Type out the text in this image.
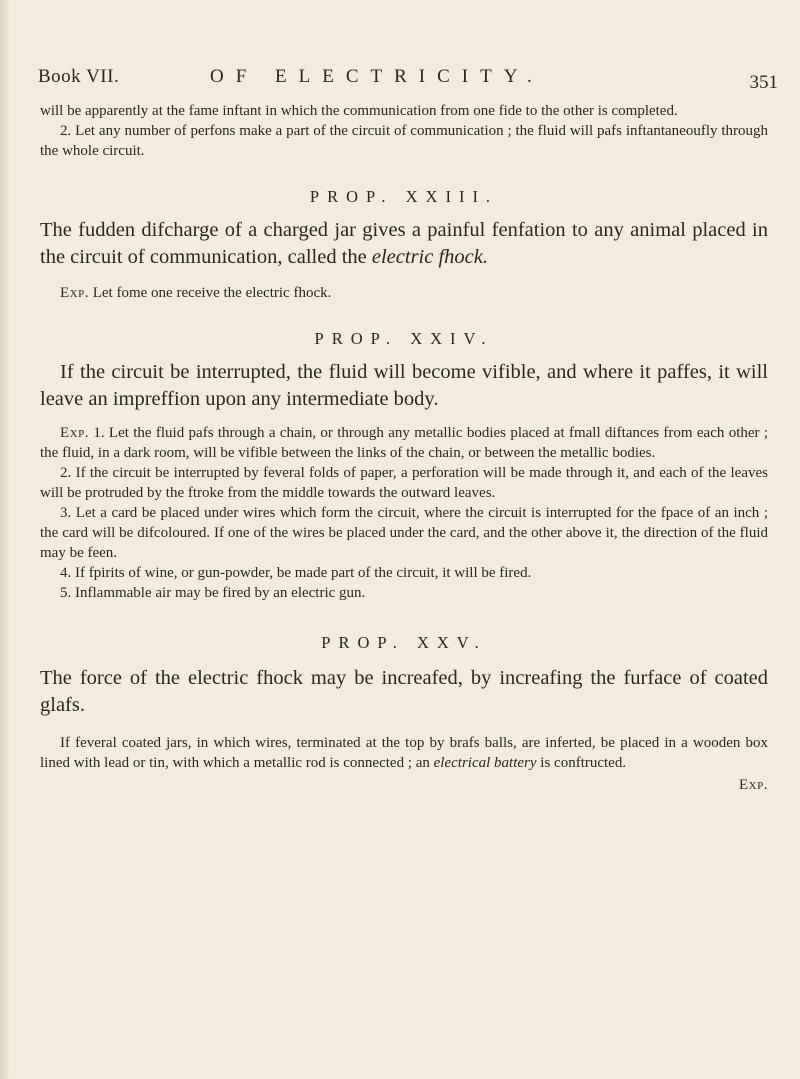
Book VII.	OF ELECTRICITY.	351

will be apparently at the fame inftant in which the communication from one fide to the other is completed.

2. Let any number of perfons make a part of the circuit of communication ; the fluid will pafs inftantaneoufly through the whole circuit.

PROP. XXIII.

The fudden difcharge of a charged jar gives a painful fenfation to any animal placed in the circuit of communication, called the electric fhock.

Exp. Let fome one receive the electric fhock.

PROP. XXIV.

If the circuit be interrupted, the fluid will become vifible, and where it paffes, it will leave an impreffion upon any intermediate body.

Exp. 1. Let the fluid pafs through a chain, or through any metallic bodies placed at fmall diftances from each other ; the fluid, in a dark room, will be vifible between the links of the chain, or between the metallic bodies.

2. If the circuit be interrupted by feveral folds of paper, a perforation will be made through it, and each of the leaves will be protruded by the ftroke from the middle towards the outward leaves.

3. Let a card be placed under wires which form the circuit, where the circuit is interrupted for the fpace of an inch ; the card will be difcoloured. If one of the wires be placed under the card, and the other above it, the direction of the fluid may be feen.

4. If fpirits of wine, or gun-powder, be made part of the circuit, it will be fired.

5. Inflammable air may be fired by an electric gun.

PROP. XXV.

The force of the electric fhock may be increafed, by increafing the furface of coated glafs.

If feveral coated jars, in which wires, terminated at the top by brafs balls, are inferted, be placed in a wooden box lined with lead or tin, with which a metallic rod is connected ; an electrical battery is conftructed.

Exp.
